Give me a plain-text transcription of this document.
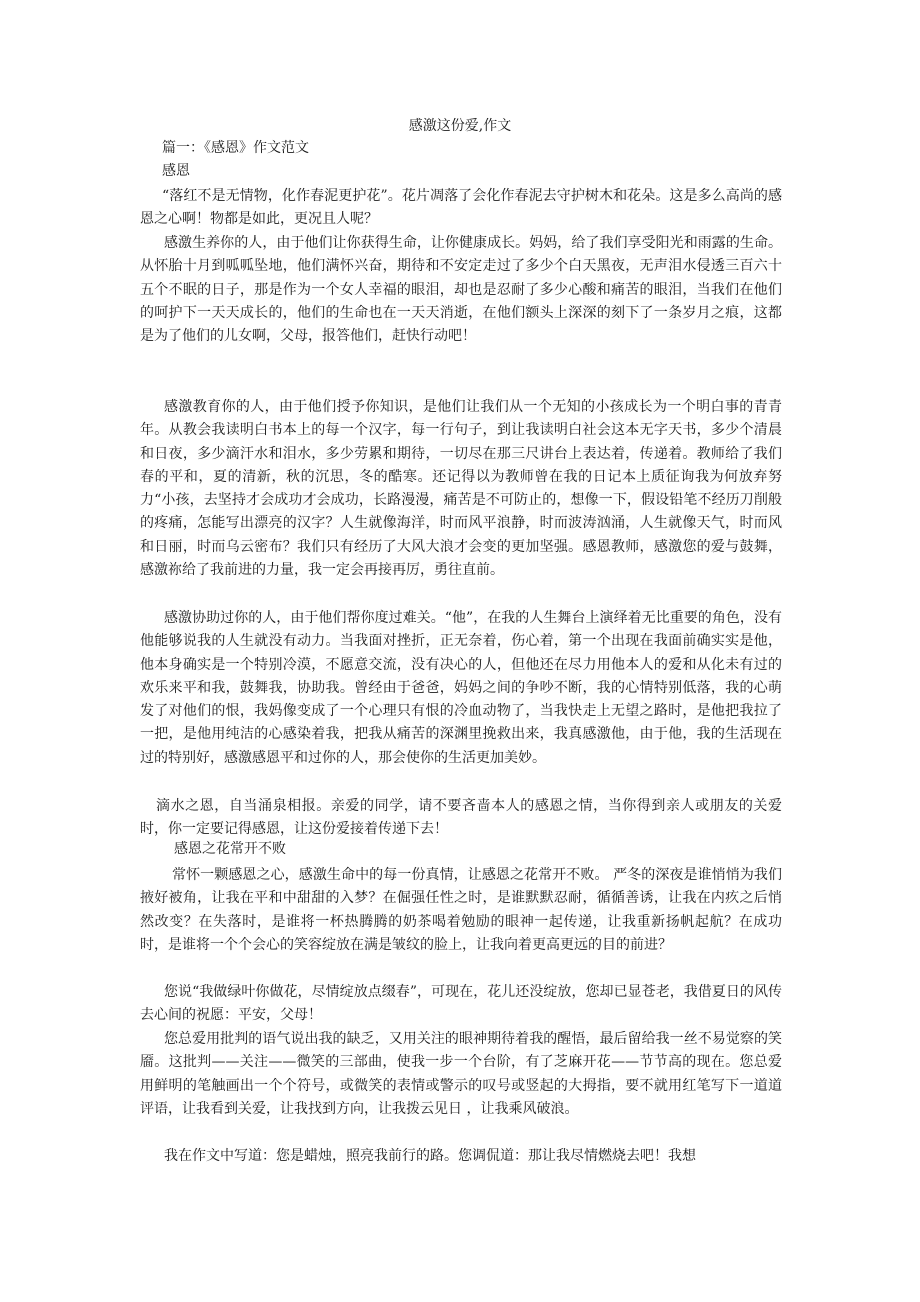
感激这份爱,作文
篇一：《感恩》作文范文
感恩

“落红不是无情物，化作春泥更护花”。花片凋落了会化作春泥去守护树木和花朵。这是多么高尚的感恩之心啊！物都是如此，更况且人呢？

感激生养你的人，由于他们让你获得生命，让你健康成长。妈妈，给了我们享受阳光和雨露的生命。从怀胎十月到呱呱坠地，他们满怀兴奋，期待和不安定走过了多少个白天黑夜，无声泪水侵透三百六十五个不眠的日子，那是作为一个女人幸福的眼泪，却也是忍耐了多少心酸和痛苦的眼泪，当我们在他们的呵护下一天天成长的，他们的生命也在一天天消逝，在他们额头上深深的刻下了一条岁月之痕，这都是为了他们的儿女啊，父母，报答他们，赶快行动吧！

感激教育你的人，由于他们授予你知识，是他们让我们从一个无知的小孩成长为一个明白事的青青年。从教会我读明白书本上的每一个汉字，每一行句子，到让我读明白社会这本无字天书，多少个清晨和日夜，多少滴汗水和泪水，多少劳累和期待，一切尽在那三尺讲台上表达着，传递着。教师给了我们春的平和，夏的清新，秋的沉思，冬的酷寒。还记得以为教师曾在我的日记本上质征询我为何放弃努力“小孩，去坚持才会成功才会成功，长路漫漫，痛苦是不可防止的，想像一下，假设铅笔不经历刀削般的疼痛，怎能写出漂亮的汉字？人生就像海洋，时而风平浪静，时而波涛汹涌，人生就像天气，时而风和日丽，时而乌云密布？我们只有经历了大风大浪才会变的更加坚强。感恩教师，感激您的爱与鼓舞，感激祢给了我前进的力量，我一定会再接再厉，勇往直前。

感激协助过你的人，由于他们帮你度过难关。“他”，在我的人生舞台上演绎着无比重要的角色，没有他能够说我的人生就没有动力。当我面对挫折，正无奈着，伤心着，第一个出现在我面前确实实是他，他本身确实是一个特别冷漠，不愿意交流，没有决心的人，但他还在尽力用他本人的爱和从化未有过的欢乐来平和我，鼓舞我，协助我。曾经由于爸爸，妈妈之间的争吵不断，我的心情特别低落，我的心萌发了对他们的恨，我妈像变成了一个心理只有恨的冷血动物了，当我快走上无望之路时，是他把我拉了一把，是他用纯洁的心感染着我，把我从痛苦的深渊里挽救出来，我真感激他，由于他，我的生活现在过的特别好，感激感恩平和过你的人，那会使你的生活更加美妙。

滴水之恩，自当涌泉相报。亲爱的同学，请不要吝啬本人的感恩之情，当你得到亲人或朋友的关爱时，你一定要记得感恩，让这份爱接着传递下去！

感恩之花常开不败

常怀一颗感恩之心，感激生命中的每一份真情，让感恩之花常开不败。 严冬的深夜是谁悄悄为我们掖好被角，让我在平和中甜甜的入梦？在倔强任性之时，是谁默默忍耐，循循善诱，让我在内疚之后悄然改变？在失落时，是谁将一杯热腾腾的奶茶喝着勉励的眼神一起传递，让我重新扬帆起航？在成功时，是谁将一个个会心的笑容绽放在满是皱纹的脸上，让我向着更高更远的目的前进？

您说“我做绿叶你做花，尽情绽放点缀春”，可现在，花儿还没绽放，您却已显苍老，我借夏日的风传去心间的祝愿：平安，父母！

您总爱用批判的语气说出我的缺乏，又用关注的眼神期待着我的醒悟，最后留给我一丝不易觉察的笑靥。这批判——关注——微笑的三部曲，使我一步一个台阶，有了芝麻开花——节节高的现在。您总爱用鲜明的笔触画出一个个符号，或微笑的表情或警示的叹号或竖起的大拇指，要不就用红笔写下一道道评语，让我看到关爱，让我找到方向，让我拨云见日 ，让我乘风破浪。

我在作文中写道：您是蜡烛，照亮我前行的路。您调侃道：那让我尽情燃烧去吧！我想
